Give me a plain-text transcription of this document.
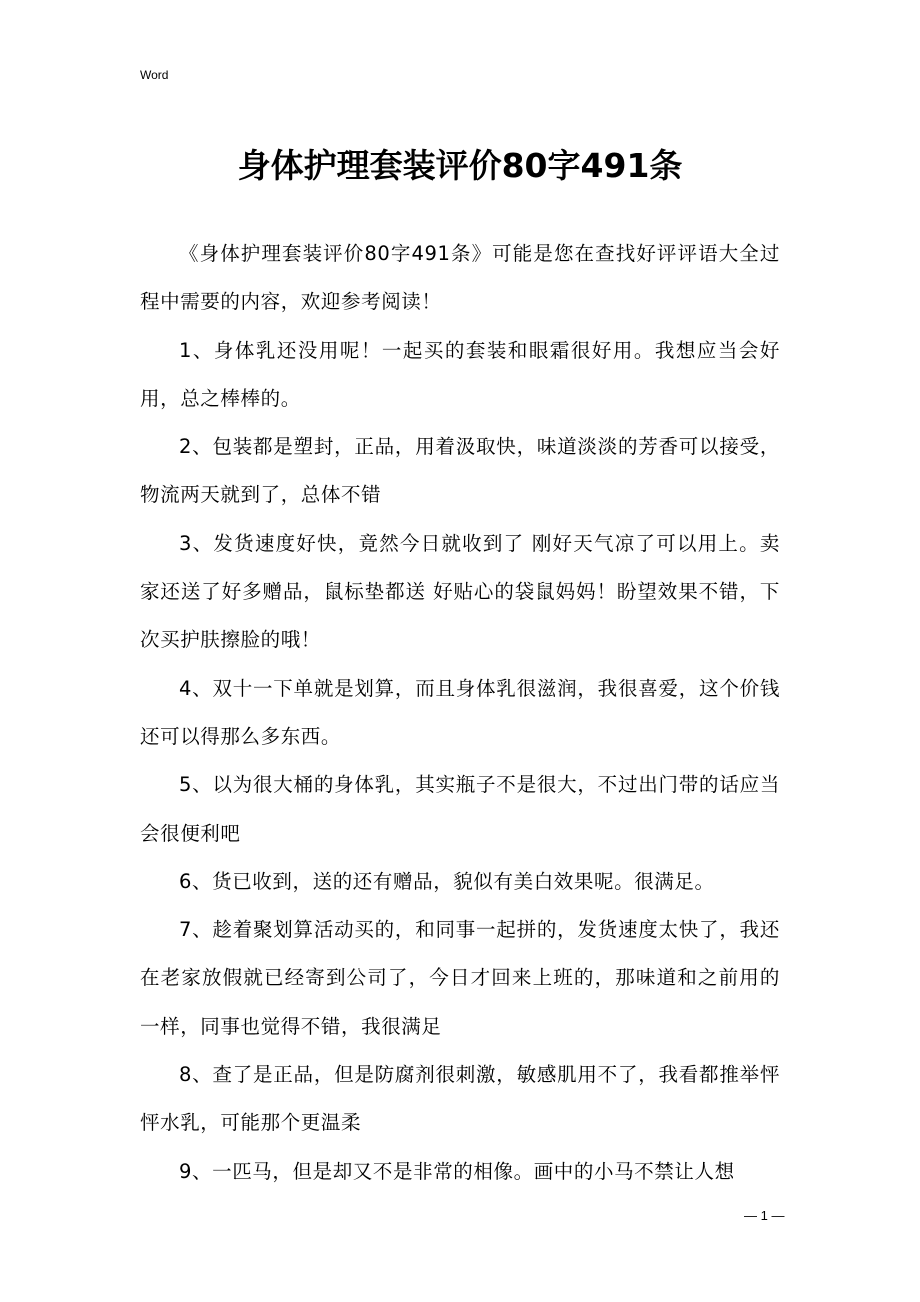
Word
身体护理套装评价80字491条

《身体护理套装评价80字491条》可能是您在查找好评评语大全过程中需要的内容，欢迎参考阅读！

1、身体乳还没用呢！一起买的套装和眼霜很好用。我想应当会好用，总之棒棒的。

2、包装都是塑封，正品，用着汲取快，味道淡淡的芳香可以接受，物流两天就到了，总体不错

3、发货速度好快，竟然今日就收到了 刚好天气凉了可以用上。卖家还送了好多赠品，鼠标垫都送 好贴心的袋鼠妈妈！盼望效果不错，下次买护肤擦脸的哦！

4、双十一下单就是划算，而且身体乳很滋润，我很喜爱，这个价钱还可以得那么多东西。

5、以为很大桶的身体乳，其实瓶子不是很大，不过出门带的话应当会很便利吧

6、货已收到，送的还有赠品，貌似有美白效果呢。很满足。

7、趁着聚划算活动买的，和同事一起拼的，发货速度太快了，我还在老家放假就已经寄到公司了，今日才回来上班的，那味道和之前用的一样，同事也觉得不错，我很满足

8、查了是正品，但是防腐剂很刺激，敏感肌用不了，我看都推举怦怦水乳，可能那个更温柔

9、一匹马，但是却又不是非常的相像。画中的小马不禁让人想

— 1 —
